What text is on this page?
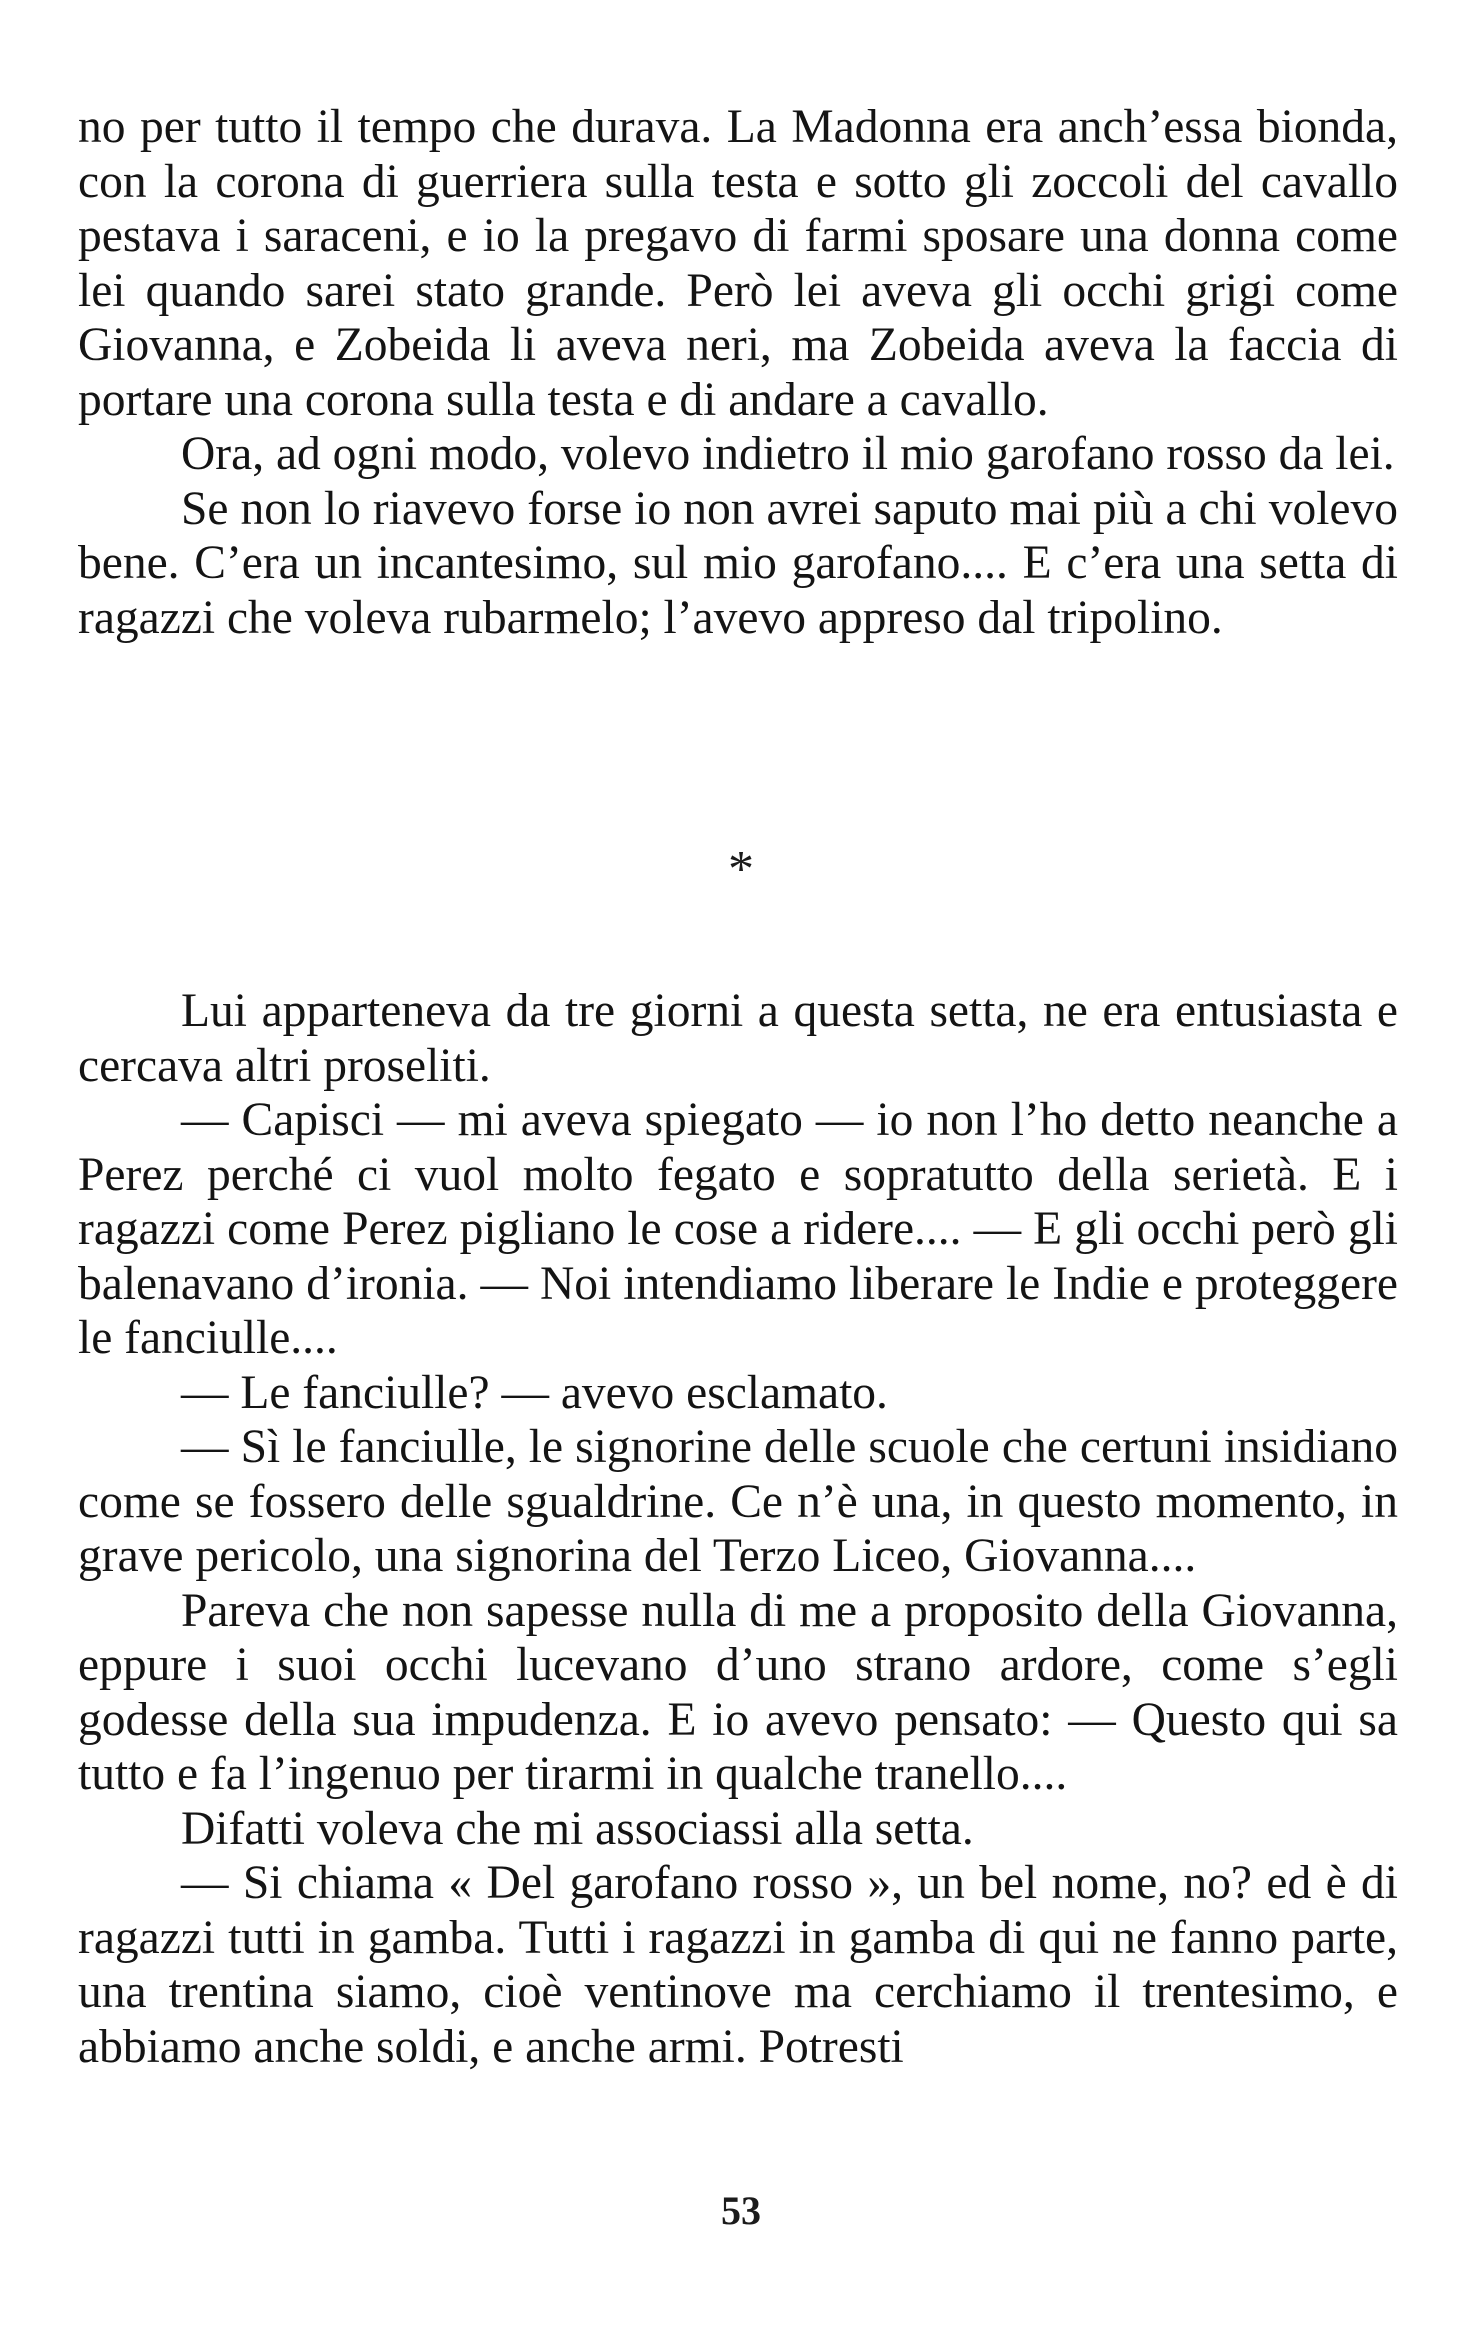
no per tutto il tempo che durava. La Madonna era anch’essa bionda, con la corona di guerriera sulla testa e sotto gli zoccoli del cavallo pestava i saraceni, e io la pregavo di farmi sposare una donna come lei quando sarei stato grande. Però lei aveva gli occhi grigi come Giovanna, e Zobeida li aveva neri, ma Zobeida aveva la faccia di portare una corona sulla testa e di andare a cavallo.

Ora, ad ogni modo, volevo indietro il mio garofano rosso da lei.

Se non lo riavevo forse io non avrei saputo mai più a chi volevo bene. C’era un incantesimo, sul mio garofano.... E c’era una setta di ragazzi che voleva rubarmelo; l’avevo appreso dal tripolino.

*

Lui apparteneva da tre giorni a questa setta, ne era entusiasta e cercava altri proseliti.

— Capisci — mi aveva spiegato — io non l’ho detto neanche a Perez perché ci vuol molto fegato e sopratutto della serietà. E i ragazzi come Perez pigliano le cose a ridere.... — E gli occhi però gli balenavano d’ironia. — Noi intendiamo liberare le Indie e proteggere le fanciulle....

— Le fanciulle? — avevo esclamato.

— Sì le fanciulle, le signorine delle scuole che certuni insidiano come se fossero delle sgualdrine. Ce n’è una, in questo momento, in grave pericolo, una signorina del Terzo Liceo, Giovanna....

Pareva che non sapesse nulla di me a proposito della Giovanna, eppure i suoi occhi lucevano d’uno strano ardore, come s’egli godesse della sua impudenza. E io avevo pensato: — Questo qui sa tutto e fa l’ingenuo per tirarmi in qualche tranello....

Difatti voleva che mi associassi alla setta.

— Si chiama « Del garofano rosso », un bel nome, no? ed è di ragazzi tutti in gamba. Tutti i ragazzi in gamba di qui ne fanno parte, una trentina siamo, cioè ventinove ma cerchiamo il trentesimo, e abbiamo anche soldi, e anche armi. Potresti

53
